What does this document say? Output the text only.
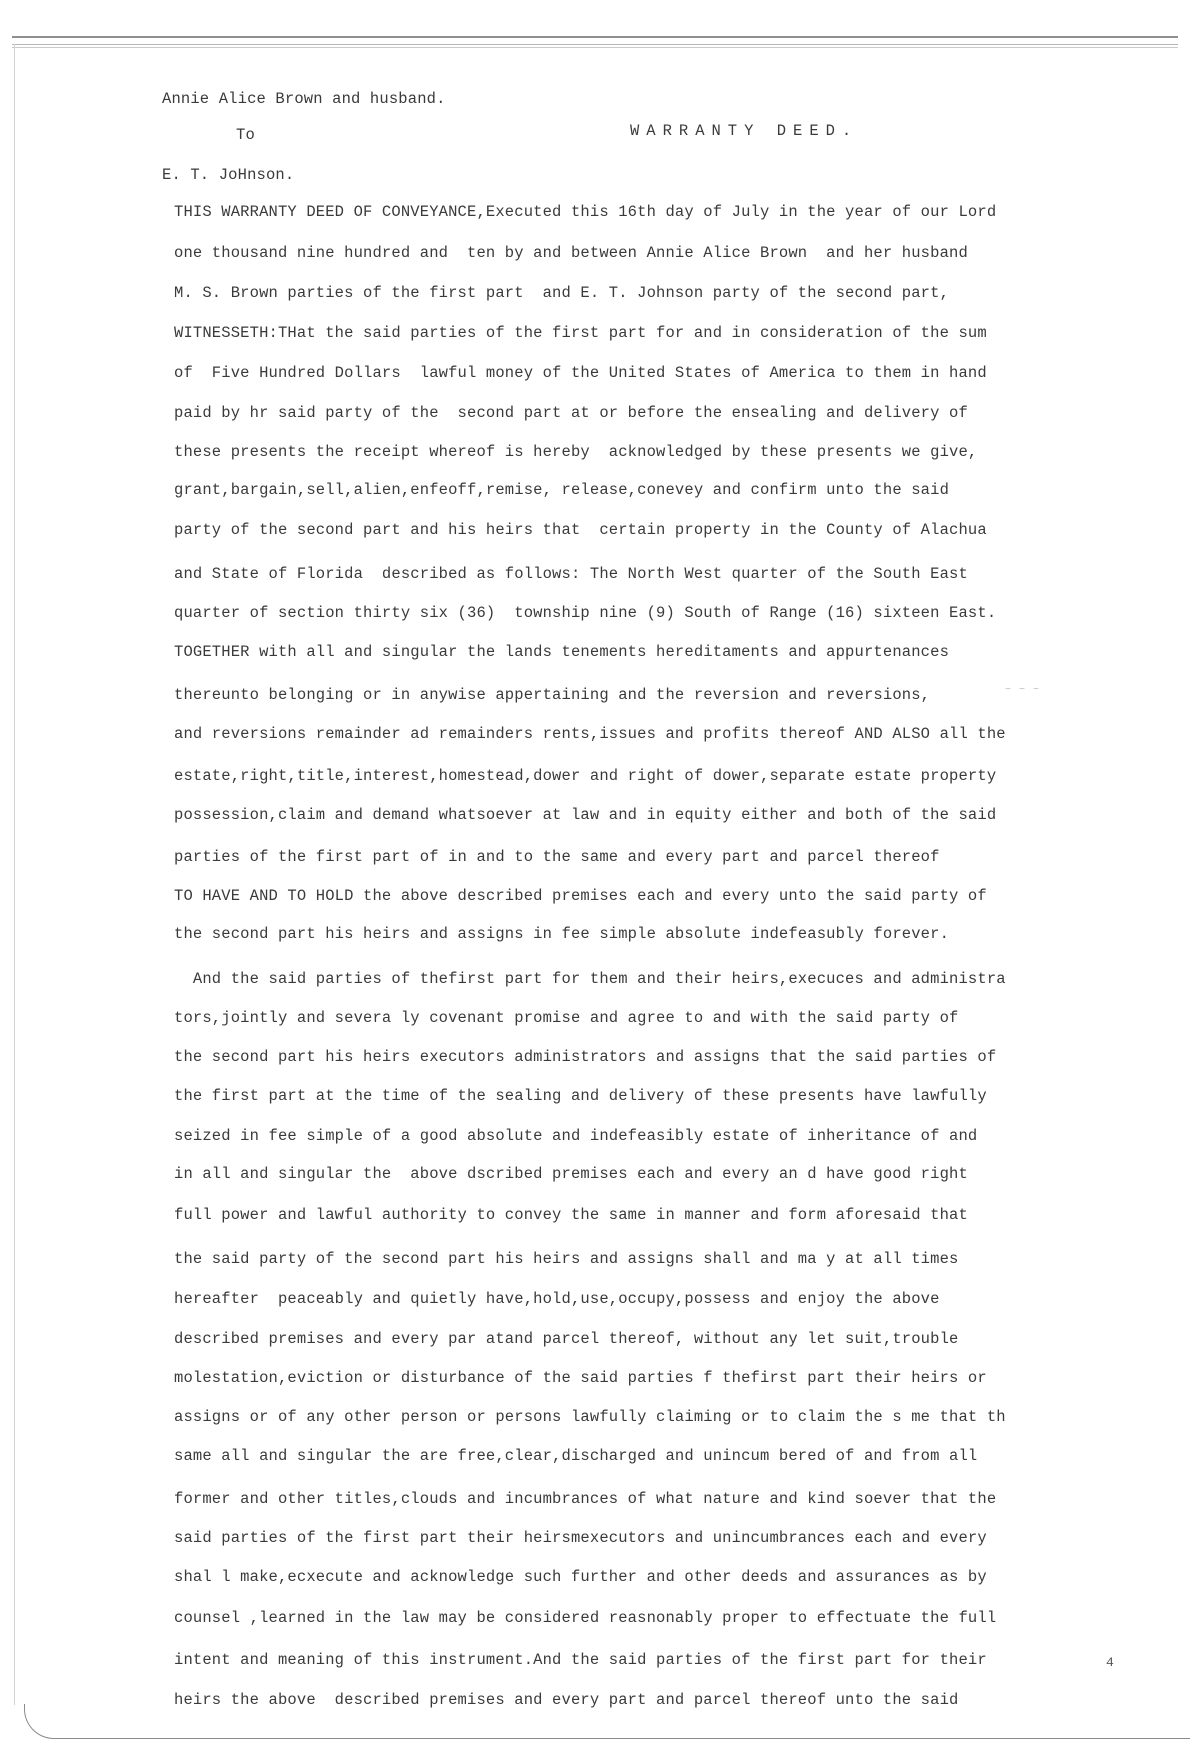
Annie Alice Brown and husband.
To	WARRANTY DEED.
E. T. JoHnson.
THIS WARRANTY DEED OF CONVEYANCE,Executed this 16th day of July in the year of our Lord
one thousand nine hundred and  ten by and between Annie Alice Brown  and her husband
M. S. Brown parties of the first part  and E. T. Johnson party of the second part,
WITNESSETH:THat the said parties of the first part for and in consideration of the sum
of  Five Hundred Dollars  lawful money of the United States of America to them in hand
paid by hr said party of the  second part at or before the ensealing and delivery of
these presents the receipt whereof is hereby  acknowledged by these presents we give,
grant,bargain,sell,alien,enfeoff,remise, release,conevey and confirm unto the said
party of the second part and his heirs that  certain property in the County of Alachua
and State of Florida  described as follows: The North West quarter of the South East
quarter of section thirty six (36)  township nine (9) South of Range (16) sixteen East.
TOGETHER with all and singular the lands tenements hereditaments and appurtenances
thereunto belonging or in anywise appertaining and the reversion and reversions,
and reversions remainder ad remainders rents,issues and profits thereof AND ALSO all the
estate,right,title,interest,homestead,dower and right of dower,separate estate property
possession,claim and demand whatsoever at law and in equity either and both of the said
parties of the first part of in and to the same and every part and parcel thereof
TO HAVE AND TO HOLD the above described premises each and every unto the said party of
the second part his heirs and assigns in fee simple absolute indefeasubly forever.
And the said parties of thefirst part for them and their heirs,execuces and administra
tors,jointly and severa ly covenant promise and agree to and with the said party of
the second part his heirs executors administrators and assigns that the said parties of
the first part at the time of the sealing and delivery of these presents have lawfully
seized in fee simple of a good absolute and indefeasibly estate of inheritance of and
in all and singular the  above dscribed premises each and every an d have good right
full power and lawful authority to convey the same in manner and form aforesaid that
the said party of the second part his heirs and assigns shall and ma y at all times
hereafter  peaceably and quietly have,hold,use,occupy,possess and enjoy the above
described premises and every par atand parcel thereof, without any let suit,trouble
molestation,eviction or disturbance of the said parties f thefirst part their heirs or
assigns or of any other person or persons lawfully claiming or to claim the s me that th
same all and singular the are free,clear,discharged and unincum bered of and from all
former and other titles,clouds and incumbrances of what nature and kind soever that the
said parties of the first part their heirsmexecutors and unincumbrances each and every
shal l make,ecxecute and acknowledge such further and other deeds and assurances as by
counsel ,learned in the law may be considered reasnonably proper to effectuate the full
intent and meaning of this instrument.And the said parties of the first part for their
heirs the above  described premises and every part and parcel thereof unto the said
~ ~ ~
4
